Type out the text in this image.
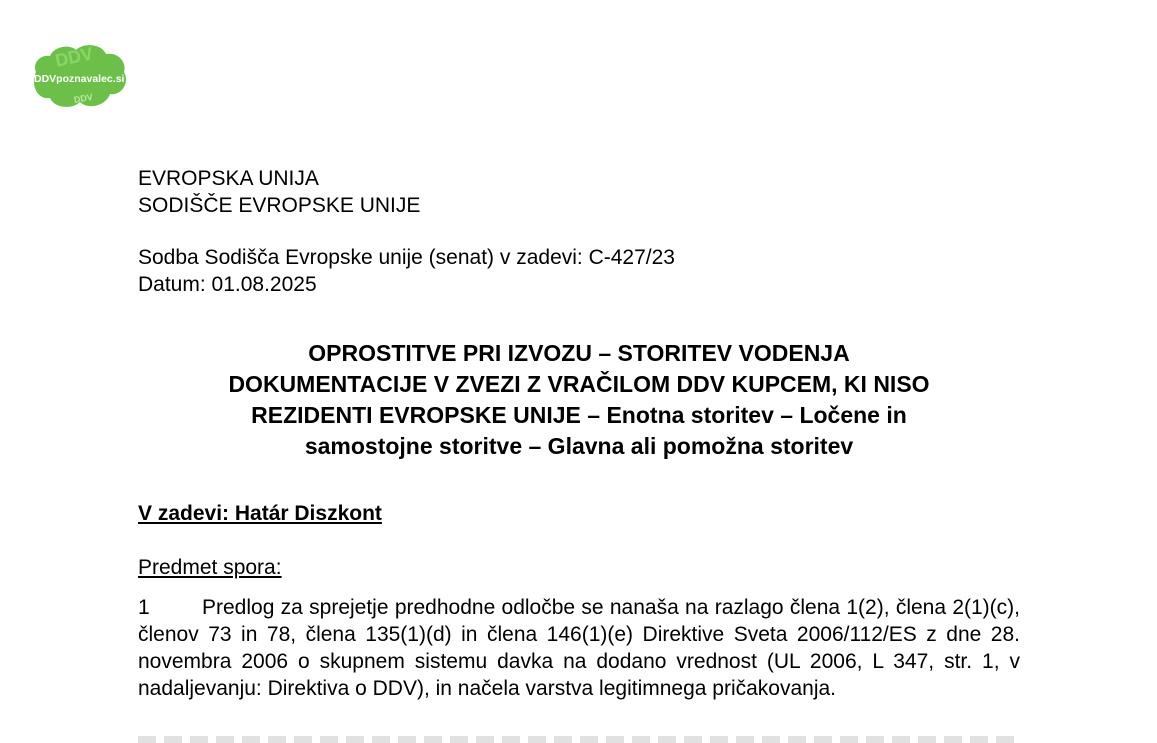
DDV
DDVpoznavalec.si
DDV
EVROPSKA UNIJA
SODIŠČE EVROPSKE UNIJE
Sodba Sodišča Evropske unije (senat) v zadevi: C-427/23
Datum: 01.08.2025
OPROSTITVE PRI IZVOZU – STORITEV VODENJA
DOKUMENTACIJE V ZVEZI Z VRAČILOM DDV KUPCEM, KI NISO
REZIDENTI EVROPSKE UNIJE – Enotna storitev – Ločene in
samostojne storitve – Glavna ali pomožna storitev
V zadevi: Határ Diszkont
Predmet spora:
1 Predlog za sprejetje predhodne odločbe se nanaša na razlago člena 1(2), člena 2(1)(c), členov 73 in 78, člena 135(1)(d) in člena 146(1)(e) Direktive Sveta 2006/112/ES z dne 28. novembra 2006 o skupnem sistemu davka na dodano vrednost (UL 2006, L 347, str. 1, v nadaljevanju: Direktiva o DDV), in načela varstva legitimnega pričakovanja.
